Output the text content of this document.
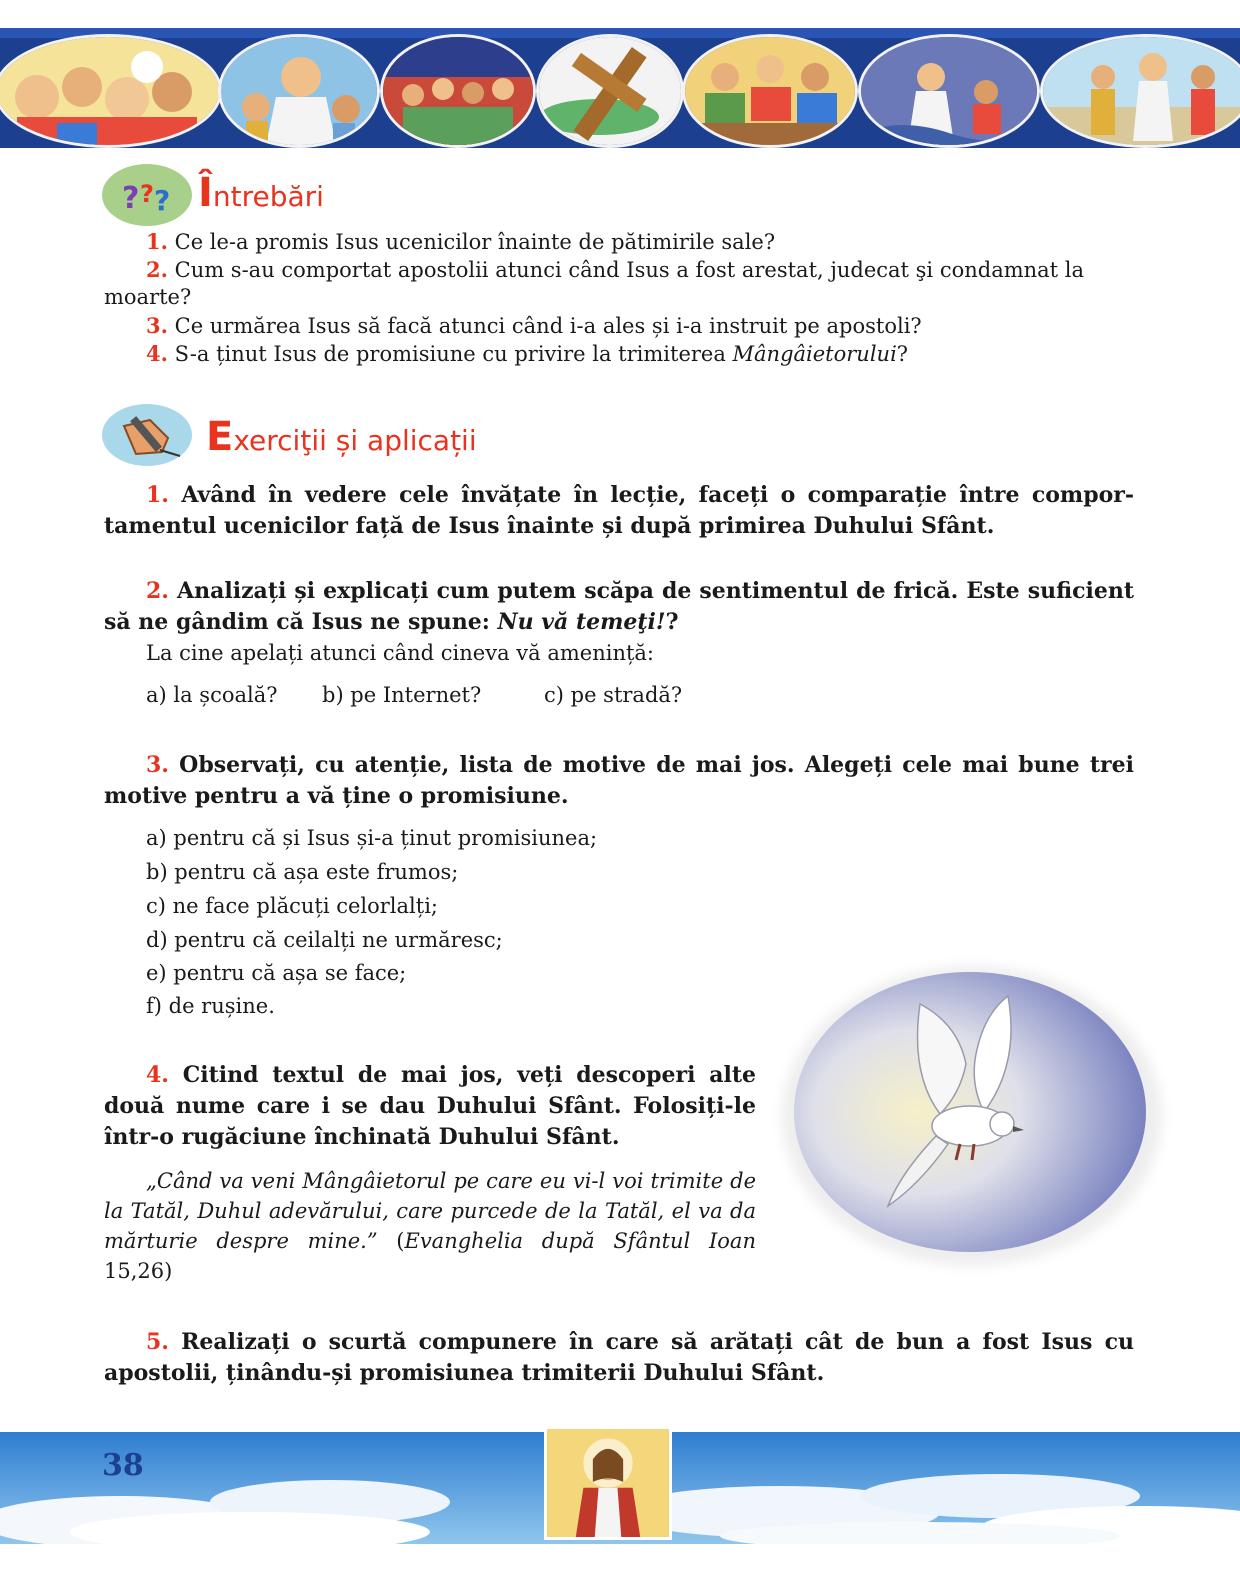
? ? ? Întrebări
1. Ce le-a promis Isus ucenicilor înainte de pătimirile sale?
2. Cum s-au comportat apostolii atunci când Isus a fost arestat, judecat şi condamnat la
moarte?
3. Ce urmărea Isus să facă atunci când i-a ales și i-a instruit pe apostoli?
4. S-a ținut Isus de promisiune cu privire la trimiterea Mângâietorului?
Exerciţii și aplicații
1. Având în vedere cele învățate în lecție, faceți o comparație între comportamentul ucenicilor față de Isus înainte și după primirea Duhului Sfânt.
2. Analizați și explicați cum putem scăpa de sentimentul de frică. Este suficient să ne gândim că Isus ne spune: Nu vă temeţi!?
La cine apelați atunci când cineva vă amenință:
a) la școală? b) pe Internet?	c) pe stradă?
3. Observați, cu atenție, lista de motive de mai jos. Alegeți cele mai bune trei motive pentru a vă ține o promisiune.
a) pentru că și Isus și-a ținut promisiunea;
b) pentru că așa este frumos;
c) ne face plăcuți celorlalți;
d) pentru că ceilalți ne urmăresc;
e) pentru că așa se face;
f) de rușine.
4. Citind textul de mai jos, veți descoperi alte două nume care i se dau Duhului Sfânt. Folosiți-le într-o rugăciune închinată Duhului Sfânt.
„Când va veni Mângâietorul pe care eu vi-l voi trimite de la Tatăl, Duhul adevărului, care purcede de la Tatăl, el va da mărturie despre mine.” (Evanghelia după Sfântul Ioan 15,26)
5. Realizați o scurtă compunere în care să arătați cât de bun a fost Isus cu apostolii, ținându-și promisiunea trimiterii Duhului Sfânt.
38
